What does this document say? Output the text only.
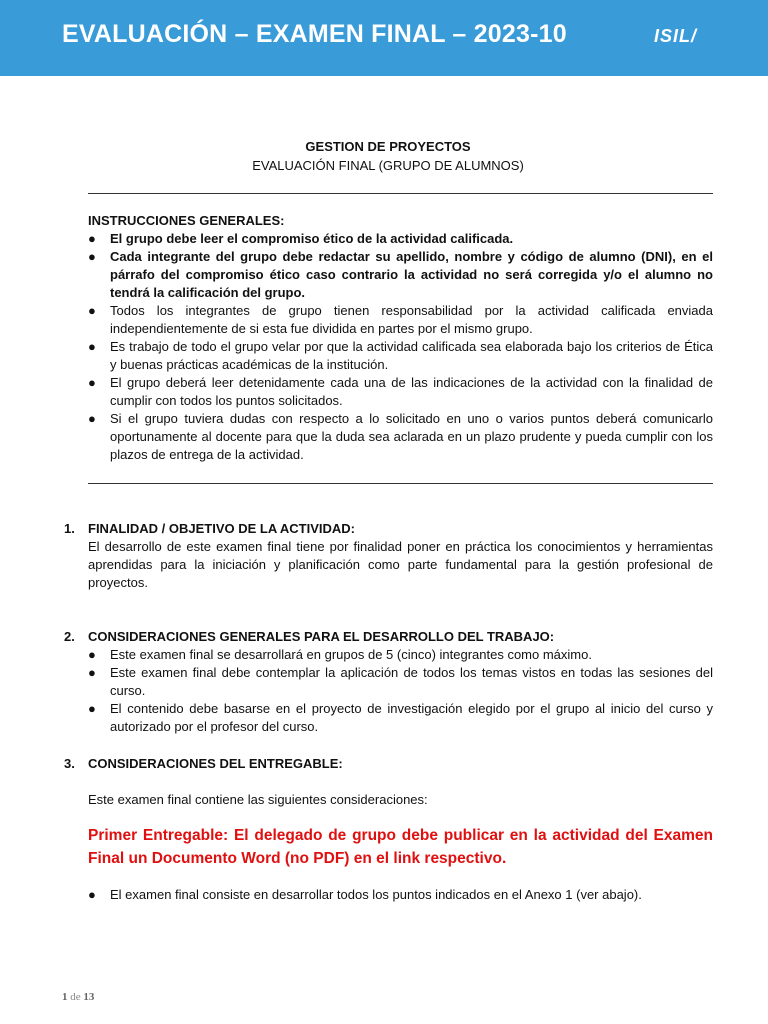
EVALUACIÓN – EXAMEN FINAL – 2023-10	ISIL/
GESTION DE PROYECTOS
EVALUACIÓN FINAL (GRUPO DE ALUMNOS)
INSTRUCCIONES GENERALES:
●	El grupo debe leer el compromiso ético de la actividad calificada.
●	Cada integrante del grupo debe redactar su apellido, nombre y código de alumno (DNI), en el párrafo del compromiso ético caso contrario la actividad no será corregida y/o el alumno no tendrá la calificación del grupo.
●	Todos los integrantes de grupo tienen responsabilidad por la actividad calificada enviada independientemente de si esta fue dividida en partes por el mismo grupo.
●	Es trabajo de todo el grupo velar por que la actividad calificada sea elaborada bajo los criterios de Ética y buenas prácticas académicas de la institución.
●	El grupo deberá leer detenidamente cada una de las indicaciones de la actividad con la finalidad de cumplir con todos los puntos solicitados.
●	Si el grupo tuviera dudas con respecto a lo solicitado en uno o varios puntos deberá comunicarlo oportunamente al docente para que la duda sea aclarada en un plazo prudente y pueda cumplir con los plazos de entrega de la actividad.
1.	FINALIDAD / OBJETIVO DE LA ACTIVIDAD:
El desarrollo de este examen final tiene por finalidad poner en práctica los conocimientos y herramientas aprendidas para la iniciación y planificación como parte fundamental para la gestión profesional de proyectos.
2.	CONSIDERACIONES GENERALES PARA EL DESARROLLO DEL TRABAJO:
●	Este examen final se desarrollará en grupos de 5 (cinco) integrantes como máximo.
●	Este examen final debe contemplar la aplicación de todos los temas vistos en todas las sesiones del curso.
●	El contenido debe basarse en el proyecto de investigación elegido por el grupo al inicio del curso y autorizado por el profesor del curso.
3.	CONSIDERACIONES DEL ENTREGABLE:
Este examen final contiene las siguientes consideraciones:
Primer Entregable: El delegado de grupo debe publicar en la actividad del Examen Final un Documento Word (no PDF) en el link respectivo.
●	El examen final consiste en desarrollar todos los puntos indicados en el Anexo 1 (ver abajo).
1 de 13
